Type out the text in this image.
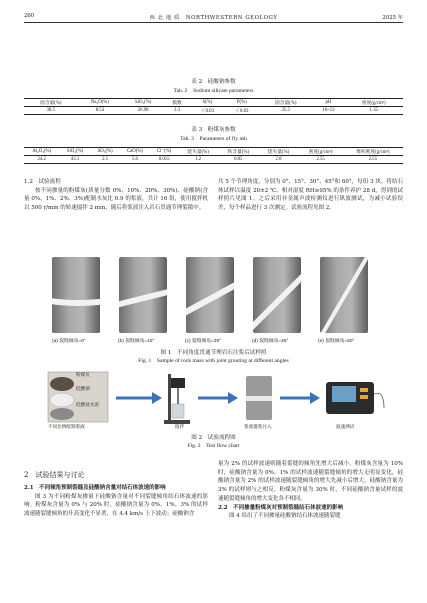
260	西 北 地 质　NORTHWESTERN GEOLOGY	2025 年
表 2　硅酸钠参数
Tab. 2　Sodium silicate parameters
固含量(%)	Na₂O(%)	SiO₂(%)	模数	S(%)	P(%)	固含量(%)	pH	密度(g/cm³)
38.5	8.53	26.98	3.3	＜0.03	＜0.03	35.5	10~13	1.35
表 3　粉煤灰参数
Tab. 3　Parameters of fly ash
Al₂O₃(%)	SiO₂(%)	SO₃(%)	CaO(%)	Cl⁻(%)	烧失量(%)	铁含量(%)	烧失量(%)	密度(g/cm³)	堆积密度(g/cm³)
24.2	43.1	2.1	5.6	0.015	1.2	0.85	2.8	2.55	2.55
1.2　试验流程

按不同掺量的粉煤灰(质量分数 0%、10%、20%、30%)、硅酸钠(含量 0%、1%、2%、3%)配制水灰比 0.9 的浆液，共计 16 组，使用搅拌机以 500 r/min 的转速搅拌 2 min，随后将浆液注入岩石贯通节理裂隙中。

共 5 个节理角度，分别为 0°、15°、30°、45°和 60°，每组 3 块。将结石体试样以温度 20±2 ℃、相对湿度 RH≥95% 的条件养护 28 d，得到的试样照片见图 1。之后采用非金属声波检测仪进行纵波测试，为减小试验误差，每个样品进行 3 次测定。试验流程见图 2。

(a) 裂缝倾角=0°	(b) 裂缝倾角=15°	(c) 裂缝倾角=30°	(d) 裂缝倾角=45°	(e) 裂缝倾角=60°
图 1　不同角度贯通节理岩石注浆后试样照
Fig. 1　Sample of rock mass with joint grouting at different angles
粉煤灰
硅酸钠
硅酸盐水泥
不同比例配制浆液	搅拌	浆液灌浆注入	波速测试
图 2　试验流程图
Fig. 2　Test flow chart
2　试验结果与讨论
2.1　不同倾角预制裂缝及硅酸钠含量对结石体波速的影响

图 3 为不同粉煤灰掺量下硅酸钠含量对不同裂缝倾角结石体波速的影响。粉煤灰含量为 0% 与 20% 时，硅酸钠含量为 0%、1%、3% 的试样波速随裂缝倾角的升高变化不显著，在 4.4 km/s 上下波动；硅酸钠含

量为 2% 的试样波速则随着裂缝的倾角先增大后减小。粉煤灰含量为 10% 时，硅酸钠含量为 0%、1% 的试样波速随裂缝倾角的增大无明显变化，硅酸钠含量为 2% 的试样波速随裂缝倾角的增大先减小后增大，硅酸钠含量为 3% 的试样则与之相反。粉煤灰含量为 30% 时，不同硅酸钠含量试样的波速随裂缝倾角的增大变化各不相同。

2.2　不同掺量粉煤灰对预制裂缝结石体波速的影响

图 4 给出了不同掺量硅酸钠结石体波速随裂缝
